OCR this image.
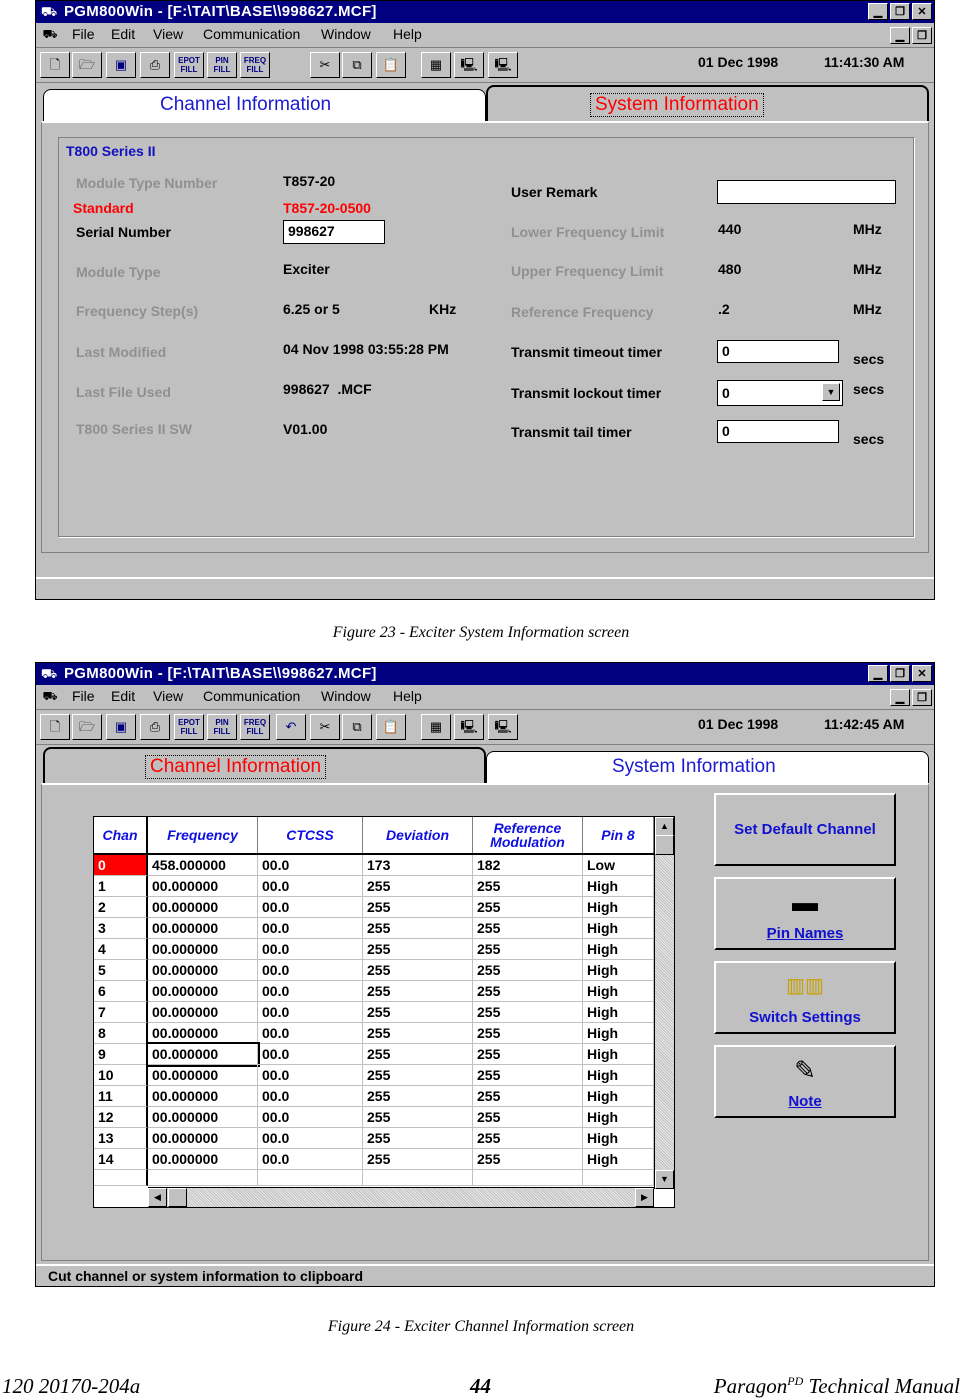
⛟ PGM800Win - [F:\TAIT\BASE\\998627.MCF]	▁	❐	✕
⛟ File Edit View Communication Window Help	▁	❐
🗋	🗁	▣	⎙	EPOT
FILL
PIN
FILL
FREQ
FILL	✂	⧉	📋	▦	🖳	🖳	01 Dec 1998	11:41:30 AM
Channel Information	System Information
T800 Series II
Module Type Number	T857-20
Standard	T857-20-0500
Serial Number	998627
Module Type	Exciter
Frequency Step(s)	6.25 or 5	KHz
Last Modified	04 Nov 1998 03:55:28 PM
Last File Used	998627  .MCF
T800 Series II SW	V01.00
User Remark
Lower Frequency Limit	440	MHz
Upper Frequency Limit	480	MHz
Reference Frequency	.2	MHz
Transmit timeout timer	0	secs
Transmit lockout timer	0	▼	secs
Transmit tail timer	0	secs
Figure 23 - Exciter System Information screen
⛟ PGM800Win - [F:\TAIT\BASE\\998627.MCF]	▁	❐	✕
⛟ File Edit View Communication Window Help	▁	❐
🗋	🗁	▣	⎙	EPOT
FILL
PIN
FILL
FREQ
FILL	↶	✂	⧉	📋	▦	🖳	🖳	01 Dec 1998	11:42:45 AM
Channel Information	System Information
Chan	Frequency	CTCSS	Deviation	Reference Modulation	Pin 8
0	458.000000	00.0	173	182	Low
1	00.000000	00.0	255	255	High
2	00.000000	00.0	255	255	High
3	00.000000	00.0	255	255	High
4	00.000000	00.0	255	255	High
5	00.000000	00.0	255	255	High
6	00.000000	00.0	255	255	High
7	00.000000	00.0	255	255	High
8	00.000000	00.0	255	255	High
9	00.000000	00.0	255	255	High
10	00.000000	00.0	255	255	High
11	00.000000	00.0	255	255	High
12	00.000000	00.0	255	255	High
13	00.000000	00.0	255	255	High
14	00.000000	00.0	255	255	High
▲
▼
◀	▶
Set Default Channel
▬
Pin Names
▥▥
Switch Settings
✎
Note
Cut channel or system information to clipboard
Figure 24 - Exciter Channel Information screen
120 20170-204a	44	Paragon$^{PD}$ Technical Manual
